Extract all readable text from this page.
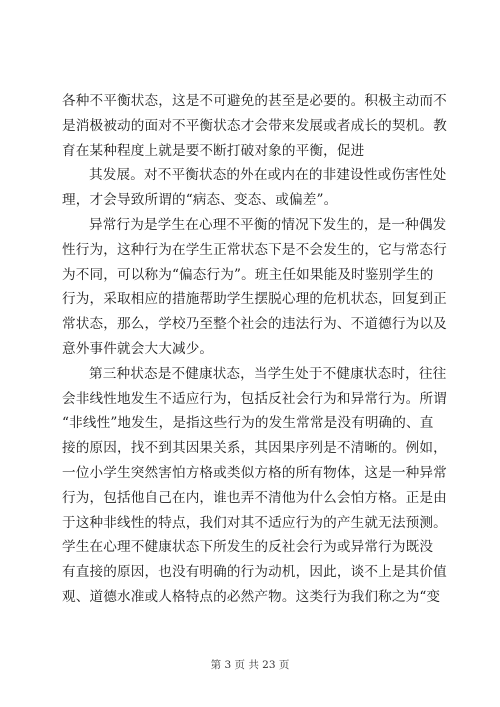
各种不平衡状态，这是不可避免的甚至是必要的。积极主动而不
是消极被动的面对不平衡状态才会带来发展或者成长的契机。教
育在某种程度上就是要不断打破对象的平衡，促进
其发展。对不平衡状态的外在或内在的非建设性或伤害性处
理，才会导致所谓的“病态、变态、或偏差”。
异常行为是学生在心理不平衡的情况下发生的，是一种偶发
性行为，这种行为在学生正常状态下是不会发生的，它与常态行
为不同，可以称为“偏态行为”。班主任如果能及时鉴别学生的
行为，采取相应的措施帮助学生摆脱心理的危机状态，回复到正
常状态，那么，学校乃至整个社会的违法行为、不道德行为以及
意外事件就会大大减少。
第三种状态是不健康状态，当学生处于不健康状态时，往往
会非线性地发生不适应行为，包括反社会行为和异常行为。所谓
“非线性”地发生，是指这些行为的发生常常是没有明确的、直
接的原因，找不到其因果关系，其因果序列是不清晰的。例如，
一位小学生突然害怕方格或类似方格的所有物体，这是一种异常
行为，包括他自己在内，谁也弄不清他为什么会怕方格。正是由
于这种非线性的特点，我们对其不适应行为的产生就无法预测。
学生在心理不健康状态下所发生的反社会行为或异常行为既没
有直接的原因，也没有明确的行为动机，因此，谈不上是其价值
观、道德水准或人格特点的必然产物。这类行为我们称之为“变
第 3 页 共 23 页
